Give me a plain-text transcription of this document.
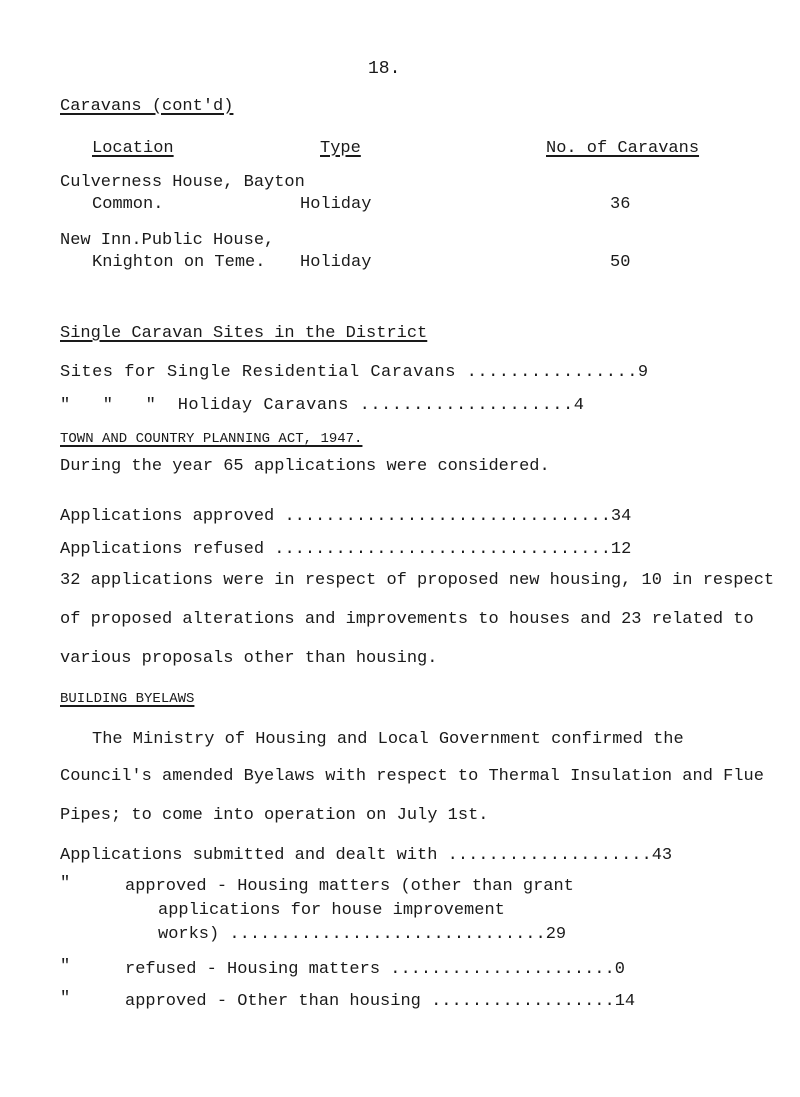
18.
Caravans (cont'd)
Location	Type	No. of Caravans
Culverness House, Bayton
Common.	Holiday	36
New Inn.Public House,
Knighton on Teme. Holiday	50
Single Caravan Sites in the District
Sites for Single Residential Caravans ................9
"   "   "  Holiday Caravans ....................4
TOWN AND COUNTRY PLANNING ACT, 1947.
During the year 65 applications were considered.
Applications approved ................................34
Applications refused .................................12
32 applications were in respect of proposed new housing, 10 in respect
of proposed alterations and improvements to houses and 23 related to
various proposals other than housing.
BUILDING BYELAWS
The Ministry of Housing and Local Government confirmed the
Council's amended Byelaws with respect to Thermal Insulation and Flue
Pipes; to come into operation on July 1st.
Applications submitted and dealt with ....................43
"	approved - Housing matters (other than grant
applications for house improvement
works) ...............................29
"	refused - Housing matters ......................0
"	approved - Other than housing ..................14
